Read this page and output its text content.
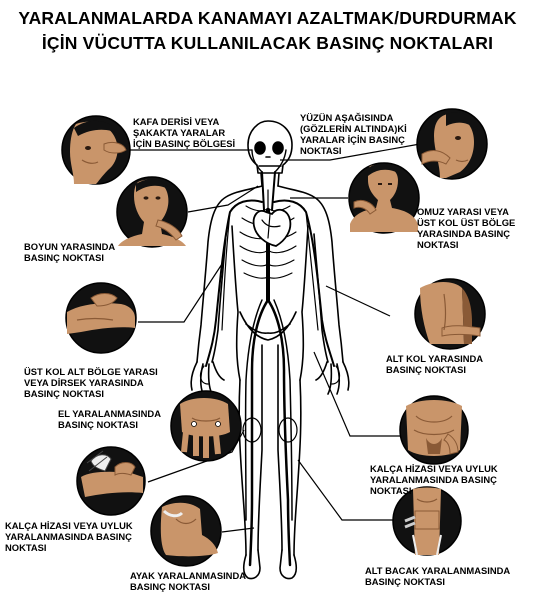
YARALANMALARDA KANAMAYI AZALTMAK/DURDURMAK
İÇİN VÜCUTTA KULLANILACAK BASINÇ NOKTALARI
KAFA DERİSİ VEYA
ŞAKAKTA YARALAR
İÇİN BASINÇ BÖLGESİ
YÜZÜN AŞAĞISINDA
(GÖZLERİN ALTINDA)Kİ
YARALAR İÇİN BASINÇ
NOKTASI
BOYUN YARASINDA
BASINÇ NOKTASI
OMUZ YARASI VEYA
ÜST KOL ÜST BÖLGE
YARASINDA BASINÇ
NOKTASI
ÜST KOL ALT BÖLGE YARASI
VEYA DİRSEK YARASINDA
BASINÇ NOKTASI
ALT KOL YARASINDA
BASINÇ NOKTASI
EL YARALANMASINDA
BASINÇ NOKTASI
KALÇA HİZASI VEYA UYLUK
YARALANMASINDA BASINÇ
NOKTASI
KALÇA HİZASI VEYA UYLUK
YARALANMASINDA BASINÇ
NOKTASI
AYAK YARALANMASINDA
BASINÇ NOKTASI
ALT BACAK YARALANMASINDA
BASINÇ NOKTASI
